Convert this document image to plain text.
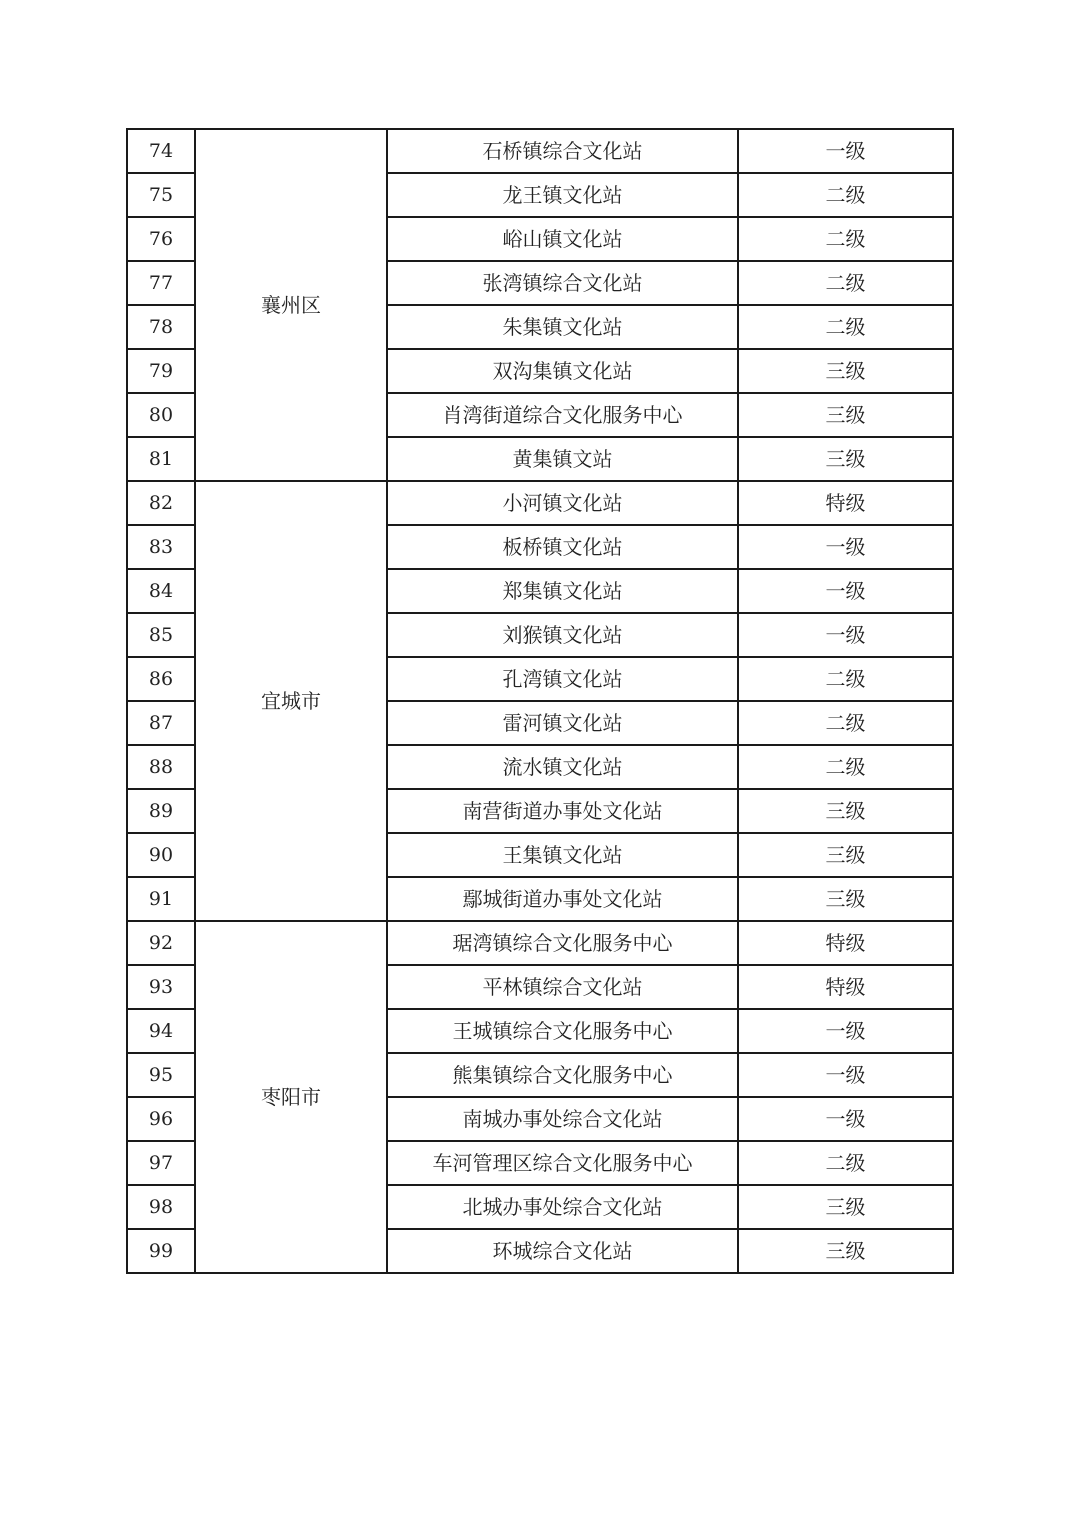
74	襄州区	石桥镇综合文化站	一级
75		龙王镇文化站	二级
76		峪山镇文化站	二级
77		张湾镇综合文化站	二级
78		朱集镇文化站	二级
79		双沟集镇文化站	三级
80		肖湾街道综合文化服务中心	三级
81		黄集镇文站	三级
82	宜城市	小河镇文化站	特级
83		板桥镇文化站	一级
84		郑集镇文化站	一级
85		刘猴镇文化站	一级
86		孔湾镇文化站	二级
87		雷河镇文化站	二级
88		流水镇文化站	二级
89		南营街道办事处文化站	三级
90		王集镇文化站	三级
91		鄢城街道办事处文化站	三级
92	枣阳市	琚湾镇综合文化服务中心	特级
93		平林镇综合文化站	特级
94		王城镇综合文化服务中心	一级
95		熊集镇综合文化服务中心	一级
96		南城办事处综合文化站	一级
97		车河管理区综合文化服务中心	二级
98		北城办事处综合文化站	三级
99		环城综合文化站	三级
